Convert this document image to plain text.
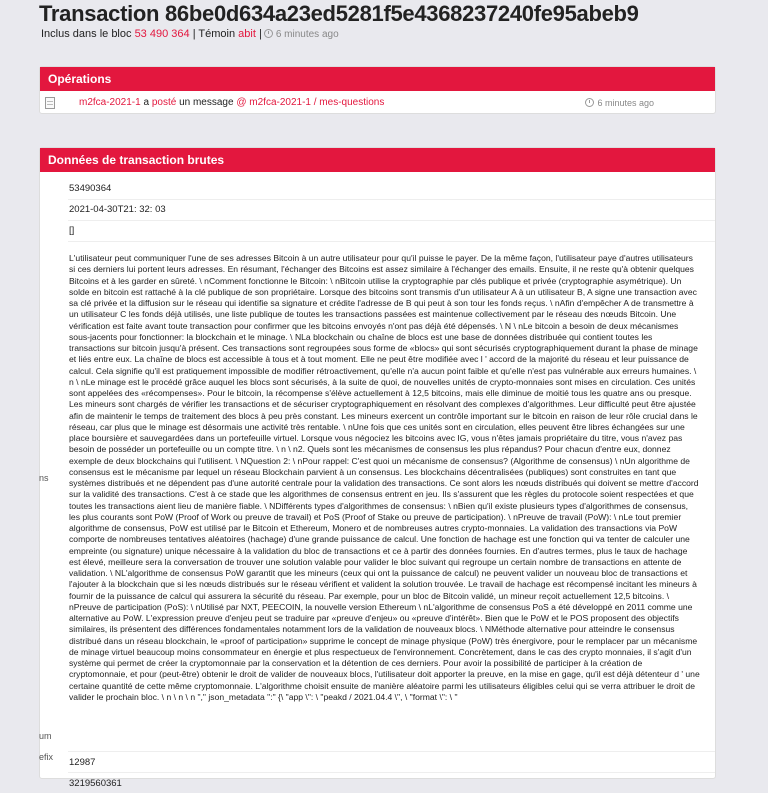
Transaction 86be0d634a23ed5281f5e4368237240fe95abeb9
Inclus dans le bloc 53 490 364 | Témoin abit | 6 minutes ago
Opérations
m2fca-2021-1 a posté un message @ m2fca-2021-1 / mes-questions	6 minutes ago
Données de transaction brutes
53490364
2021-04-30T21: 32: 03
[]
L'utilisateur peut communiquer l'une de ses adresses Bitcoin à un autre utilisateur pour qu'il puisse le payer. De la même façon, l'utilisateur paye d'autres utilisateurs si ces derniers lui portent leurs adresses. En résumant, l'échanger des Bitcoins est assez similaire à l'échanger des emails. Ensuite, il ne reste qu'à obtenir quelques Bitcoins et à les garder en sûreté. \ nComment fonctionne le Bitcoin: \ nBitcoin utilise la cryptographie par clés publique et privée (cryptographie asymétrique). Un solde en bitcoin est rattaché à la clé publique de son propriétaire. Lorsque des bitcoins sont transmis d'un utilisateur A à un utilisateur B, A signe une transaction avec sa clé privée et la diffusion sur le réseau qui identifie sa signature et crédite l'adresse de B qui peut à son tour les fonds reçus. \ nAfin d'empêcher A de transmettre à un utilisateur C les fonds déjà utilisés, une liste publique de toutes les transactions passées est maintenue collectivement par le réseau des nœuds Bitcoin. Une vérification est faite avant toute transaction pour confirmer que les bitcoins envoyés n'ont pas déjà été dépensés. \ N \ nLe bitcoin a besoin de deux mécanismes sous-jacents pour fonctionner: la blockchain et le minage. \ NLa blockchain ou chaîne de blocs est une base de données distribuée qui contient toutes les transactions sur bitcoin jusqu'à présent. Ces transactions sont regroupées sous forme de «blocs» qui sont sécurisés cryptographiquement durant la phase de minage et liés entre eux. La chaîne de blocs est accessible à tous et à tout moment. Elle ne peut être modifiée avec l ' accord de la majorité du réseau et leur puissance de calcul. Cela signifie qu'il est pratiquement impossible de modifier rétroactivement, qu'elle n'a aucun point faible et qu'elle n'est pas vulnérable aux erreurs humaines. \ n \ nLe minage est le procédé grâce auquel les blocs sont sécurisés, à la suite de quoi, de nouvelles unités de crypto-monnaies sont mises en circulation. Ces unités sont appelées des «récompenses». Pour le bitcoin, la récompense s'élève actuellement à 12,5 bitcoins, mais elle diminue de moitié tous les quatre ans ou presque. Les mineurs sont chargés de vérifier les transactions et de sécuriser cryptographiquement en résolvant des complexes d'algorithmes. Leur difficulté peut être ajustée afin de maintenir le temps de traitement des blocs à peu près constant. Les mineurs exercent un contrôle important sur le bitcoin en raison de leur rôle crucial dans le réseau, car plus que le minage est désormais une activité très rentable. \ nUne fois que ces unités sont en circulation, elles peuvent être libres échangées sur une place boursière et sauvegardées dans un portefeuille virtuel. Lorsque vous négociez les bitcoins avec IG, vous n'êtes jamais propriétaire du titre, vous n'avez pas besoin de posséder un portefeuille ou un compte titre. \ n \ n2. Quels sont les mécanismes de consensus les plus répandus? Pour chacun d'entre eux, donnez exemple de deux blockchains qui l'utilisent. \ NQuestion 2: \ nPour rappel: C'est quoi un mécanisme de consensus? (Algorithme de consensus) \ nUn algorithme de consensus est le mécanisme par lequel un réseau Blockchain parvient à un consensus. Les blockchains décentralisées (publiques) sont construites en tant que systèmes distribués et ne dépendent pas d'une autorité centrale pour la validation des transactions. Ce sont alors les nœuds distribués qui doivent se mettre d'accord sur la validité des transactions. C'est à ce stade que les algorithmes de consensus entrent en jeu. Ils s'assurent que les règles du protocole soient respectées et que toutes les transactions aient lieu de manière fiable. \ NDifférents types d'algorithmes de consensus: \ nBien qu'il existe plusieurs types d'algorithmes de consensus, les plus courants sont PoW (Proof of Work ou preuve de travail) et PoS (Proof of Stake ou preuve de participation). \ nPreuve de travail (PoW): \ nLe tout premier algorithme de consensus, PoW est utilisé par le Bitcoin et Ethereum, Monero et de nombreuses autres crypto-monnaies. La validation des transactions via PoW comporte de nombreuses tentatives aléatoires (hachage) d'une grande puissance de calcul. Une fonction de hachage est une fonction qui va tenter de calculer une empreinte (ou signature) unique nécessaire à la validation du bloc de transactions et ce à partir des données fournies. En d'autres termes, plus le taux de hachage est élevé, meilleure sera la conversation de trouver une solution valable pour valider le bloc suivant qui regroupe un certain nombre de transactions en attente de validation. \ NL'algorithme de consensus PoW garantit que les mineurs (ceux qui ont la puissance de calcul) ne peuvent valider un nouveau bloc de transactions et l'ajouter à la blockchain que si les nœuds distribués sur le réseau vérifient et valident la solution trouvée. Le travail de hachage est récompensé incitant les mineurs à fournir de la puissance de calcul qui assurera la sécurité du réseau. Par exemple, pour un bloc de Bitcoin validé, un mineur reçoit actuellement 12,5 bitcoins. \ nPreuve de participation (PoS): \ nUtilisé par NXT, PEECOIN, la nouvelle version Ethereum \ nL'algorithme de consensus PoS a été développé en 2011 comme une alternative au PoW. L'expression preuve d'enjeu peut se traduire par «preuve d'enjeu» ou «preuve d'intérêt». Bien que le PoW et le POS proposent des objectifs similaires, ils présentent des différences fondamentales notamment lors de la validation de nouveaux blocs. \ NMéthode alternative pour atteindre le consensus distribué dans un réseau blockchain, le «proof of participation» supprime le concept de minage physique (PoW) très énergivore, pour le remplacer par un mécanisme de minage virtuel beaucoup moins consommateur en énergie et plus respectueux de l'environnement. Concrètement, dans le cas des crypto monnaies, il s'agit d'un système qui permet de créer la cryptomonnaie par la conservation et la détention de ces derniers. Pour avoir la possibilité de participer à la création de cryptomonnaie, et pour (peut-être) obtenir le droit de valider de nouveaux blocs, l'utilisateur doit apporter la preuve, en la mise en gage, qu'il est déjà détenteur d ' une certaine quantité de cette même cryptomonnaie. L'algorithme choisit ensuite de manière aléatoire parmi les utilisateurs éligibles celui qui se verra attribuer le droit de valider le prochain bloc. \ n \ n \ n "," json_metadata ":" {\ "app \": \ "peakd / 2021.04.4 \", \ "format \": \ "
12987
3219560361
ns
um
efix
